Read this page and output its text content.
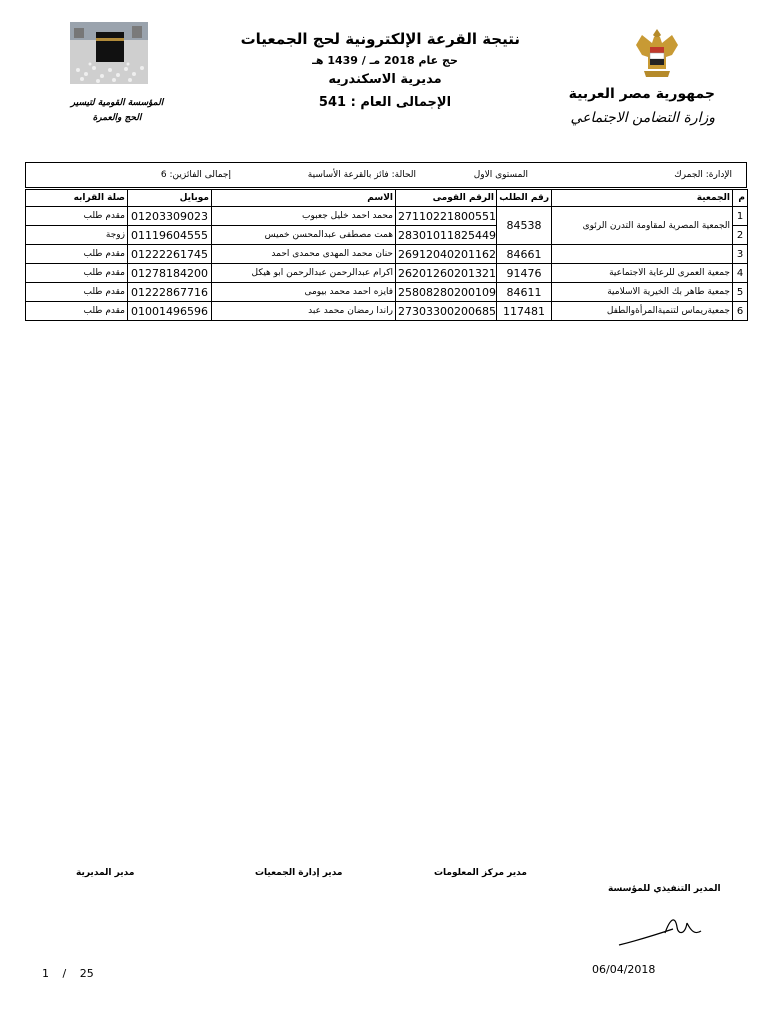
نتيجة القرعة الإلكترونية لحج الجمعيات
حج عام 2018 مـ / 1439 هـ
مديرية الاسكندريه
الإجمالى العام : 541
المؤسسة القومية لتيسير الحج والعمرة
جمهورية مصر العربية
وزارة التضامن الاجتماعي
الإدارة: الجمرك
المستوى الاول
الحالة: فائز بالقرعة الأساسية
إجمالى الفائزين: 6
م	الجمعية	رقم الطلب	الرقم القومى	الاسم	موبايل	صلة القرابه
1	الجمعية المصرية لمقاومة التدرن الرئوى	84538	27110221800551	محمد احمد خليل جعبوب	01203309023	مقدم طلب
2			28301011825449	همت مصطفى عبدالمحسن خميس	01119604555	زوجة
3		84661	26912040201162	حنان محمد المهدى محمدى احمد	01222261745	مقدم طلب
4	جمعية العمرى للرعاية الاجتماعية	91476	26201260201321	اكرام عبدالرحمن عبدالرحمن ابو هيكل	01278184200	مقدم طلب
5	جمعية طاهر بك الخيرية الاسلامية	84611	25808280200109	فايزه احمد محمد بيومى	01222867716	مقدم طلب
6	جمعيةريماس لتنميةالمرأةوالطفل	117481	27303300200685	راندا رمضان محمد عبد	01001496596	مقدم طلب
مدير المديرية	مدير إدارة الجمعيات	مدير مركز المعلومات
المدير التنفيذي للمؤسسة
06/04/2018
1 / 25
